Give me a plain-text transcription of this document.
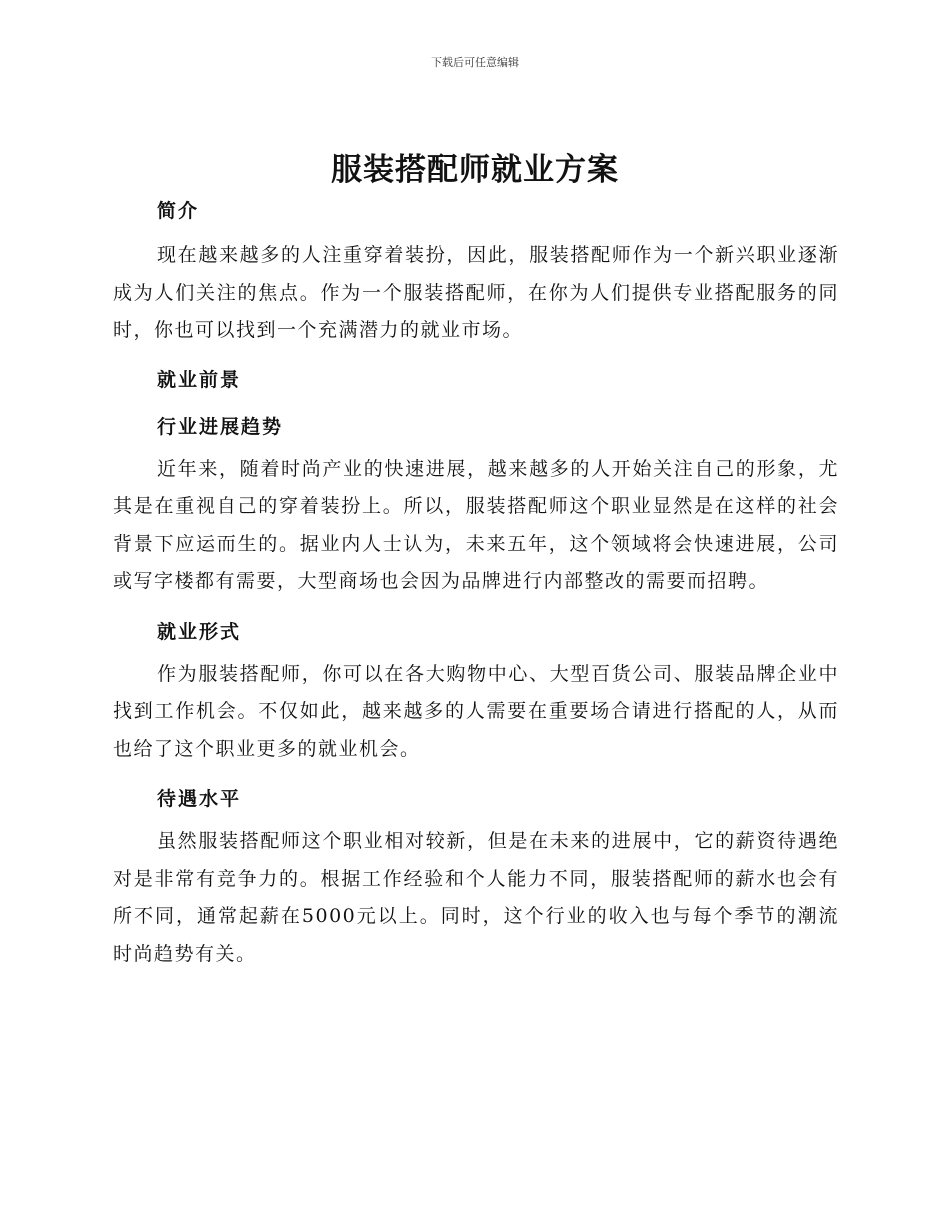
下载后可任意编辑
服装搭配师就业方案
简介

现在越来越多的人注重穿着装扮，因此，服装搭配师作为一个新兴职业逐渐成为人们关注的焦点。作为一个服装搭配师，在你为人们提供专业搭配服务的同时，你也可以找到一个充满潜力的就业市场。

就业前景
行业进展趋势

近年来，随着时尚产业的快速进展，越来越多的人开始关注自己的形象，尤其是在重视自己的穿着装扮上。所以，服装搭配师这个职业显然是在这样的社会背景下应运而生的。据业内人士认为，未来五年，这个领域将会快速进展，公司或写字楼都有需要，大型商场也会因为品牌进行内部整改的需要而招聘。

就业形式

作为服装搭配师，你可以在各大购物中心、大型百货公司、服装品牌企业中找到工作机会。不仅如此，越来越多的人需要在重要场合请进行搭配的人，从而也给了这个职业更多的就业机会。

待遇水平

虽然服装搭配师这个职业相对较新，但是在未来的进展中，它的薪资待遇绝对是非常有竞争力的。根据工作经验和个人能力不同，服装搭配师的薪水也会有所不同，通常起薪在5000元以上。同时，这个行业的收入也与每个季节的潮流时尚趋势有关。
